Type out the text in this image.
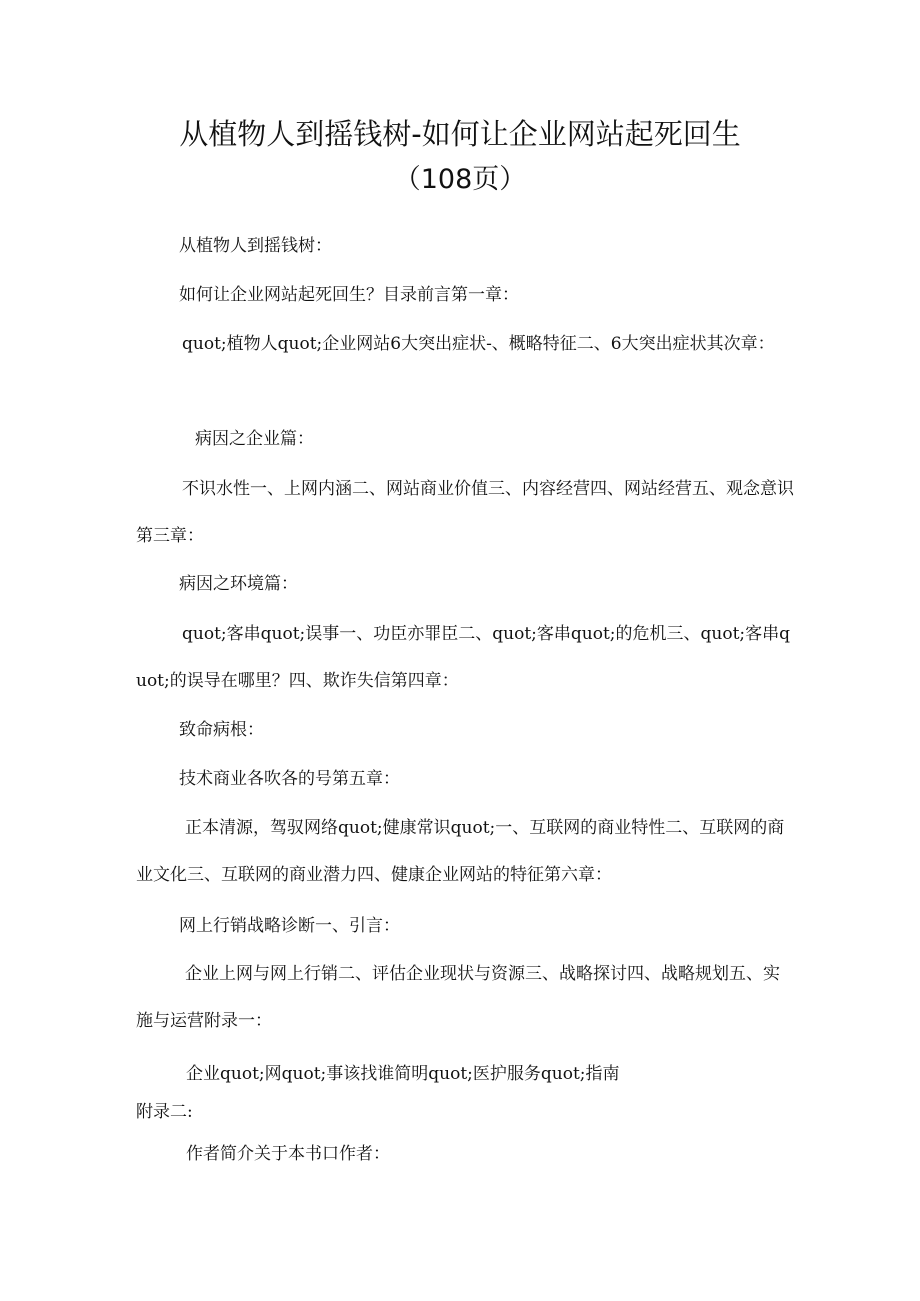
从植物人到摇钱树-如何让企业网站起死回生
（108页）

从植物人到摇钱树：

如何让企业网站起死回生？目录前言第一章：

quot;植物人quot;企业网站6大突出症状-、概略特征二、6大突出症状其次章：

病因之企业篇：

不识水性一、上网内涵二、网站商业价值三、内容经营四、网站经营五、观念意识第三章：

病因之环境篇：

quot;客串quot;误事一、功臣亦罪臣二、quot;客串quot;的危机三、quot;客串quot;的误导在哪里？四、欺诈失信第四章：

致命病根：

技术商业各吹各的号第五章：

正本清源，驾驭网络quot;健康常识quot;一、互联网的商业特性二、互联网的商业文化三、互联网的商业潜力四、健康企业网站的特征第六章：

网上行销战略诊断一、引言：

企业上网与网上行销二、评估企业现状与资源三、战略探讨四、战略规划五、实施与运营附录一：

企业quot;网quot;事该找谁简明quot;医护服务quot;指南

附录二:

作者简介关于本书口作者：
